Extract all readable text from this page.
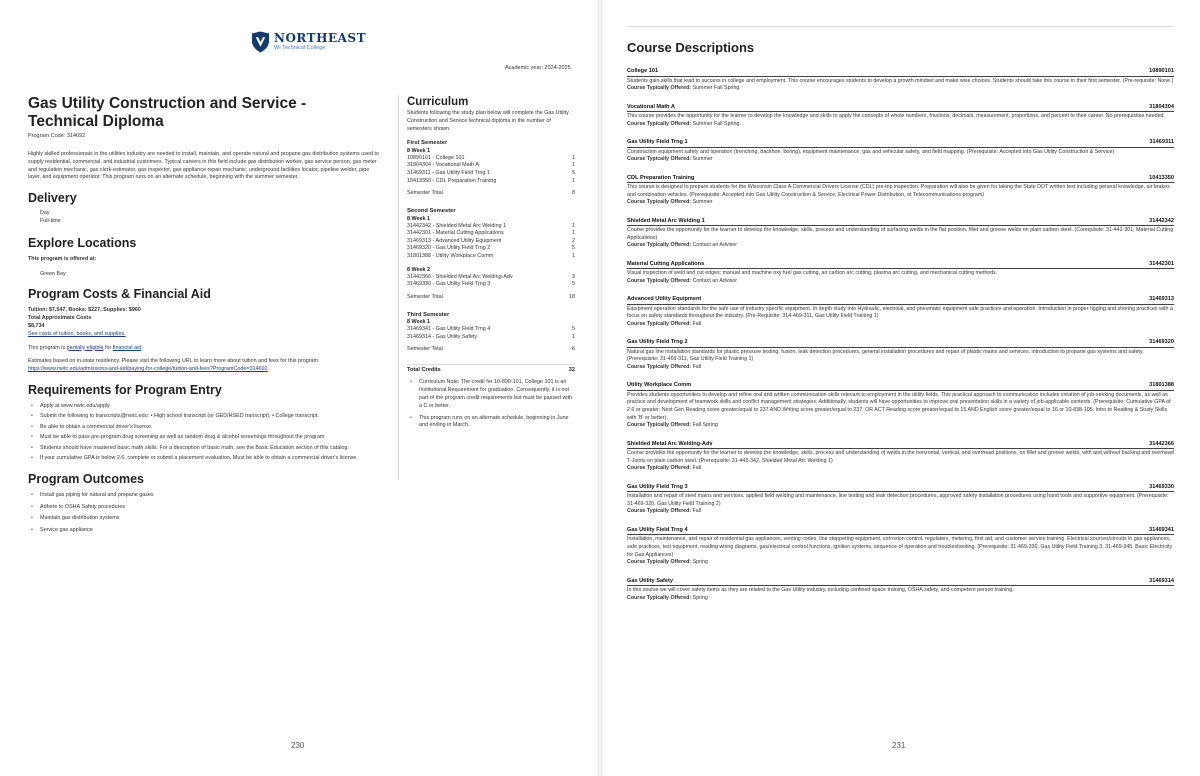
NORTHEAST
WI Technical College
Academic year: 2024-2025
Gas Utility Construction and Service - Technical Diploma
Program Code: 314692

Highly skilled professionals in the utilities industry are needed to install, maintain, and operate natural and propane gas distribution systems used to supply residential, commercial, and industrial customers. Typical careers in this field include gas distribution worker, gas service person, gas meter and regulation mechanic, gas clerk-estimator, gas inspector, gas appliance repair mechanic, underground facilities locator, pipeline welder, pipe layer, and equipment operator. This program runs on an alternate schedule, beginning with the summer semester.

Delivery
Day
Full-time
Explore Locations
This program is offered at:
Green Bay
Program Costs & Financial Aid
Tuition: $7,547, Books: $227, Supplies: $960
Total Approximate Costs
$8,734
See costs of tuition, books, and supplies.
This program is partially eligible for financial aid.
Estimates based on in-state residency. Please visit the following URL to learn more about tuition and fees for this program.
https://www.nwtc.edu/admissions-and-aid/paying-for-college/tuition-and-fees?ProgramCode=314692
Requirements for Program Entry
• Apply at www.nwtc.edu/apply.
• Submit the following to transcripts@nwtc.edu: • High school transcript (or GED/HSED transcript). • College transcript.
• Be able to obtain a commercial driver's license.
• Must be able to pass pre-program drug screening as well as random drug & alcohol screenings throughout the program.
• Students should have mastered basic math skills. For a description of basic math, see the Basic Education section of this catalog.
• If your cumulative GPA is below 2.6, complete or submit a placement evaluation. Must be able to obtain a commercial driver's license.
Program Outcomes
• Install gas piping for natural and propane gases
• Adhere to OSHA Safety procedures
• Maintain gas distribution systems
• Service gas appliance
Curriculum

Students following the study plan below will complete the Gas Utility Construction and Service technical diploma in the number of semesters shown.

First Semester
8 Week 1
10890101 - College 101	1
31804304 - Vocational Math A	1
31469311 - Gas Utility Field Trng 1	5
10413350 - CDL Preparation Training	1
Semester Total	8
Second Semester
8 Week 1
31442342 - Shielded Metal Arc Welding 1	1
31442301 - Material Cutting Applications	1
31469313 - Advanced Utility Equipment	2
31469320 - Gas Utility Field Trng 2	5
31801388 - Utility Workplace Comm	1
8 Week 2
31442366 - Shielded Metal Arc Welding-Adv	3
31469330 - Gas Utility Field Trng 3	5
Semester Total	18
Third Semester
8 Week 1
31469341 - Gas Utility Field Trng 4	5
31469314 - Gas Utility Safety	1
Semester Total	6
Total Credits	32
• Curriculum Note: The credit for 10-890-101, College 101 is an Institutional Requirement for graduation. Consequently, it is not part of the program credit requirements but must be passed with a C or better.
• This program runs on an alternate schedule, beginning in June and ending in March.
230
Course Descriptions
College 101	10890101
Students gain skills that lead to success in college and employment. This course encourages students to develop a growth mindset and make wise choices. Students should take this course in their first semester. (Pre-requisite: None.)
Course Typically Offered: Summer Fall Spring
Vocational Math A	31804304
This course provides the opportunity for the learner to develop the knowledge and skills to apply the concepts of whole numbers, fractions, decimals, measurement, proportions, and percent to their career. No prerequisites needed.
Course Typically Offered: Summer Fall Spring
Gas Utility Field Trng 1	31469311
Construction equipment safety and operation (trenching, backhoe, boring), equipment maintenance, gas and vehicular safety, and field mapping. (Prerequisite: Accepted into Gas Utility Construction & Service)
Course Typically Offered: Summer
CDL Preparation Training	10413350
This course is designed to prepare students for the Wisconsin Class A Commercial Drivers License (CDL) pre-trip inspection. Preparation will also be given for taking the State DOT written test including general knowledge, air brakes and combination vehicles. (Prerequisite: Accepted into Gas Utility Construction & Service, Electrical Power Distribution, or Telecommunications program)
Course Typically Offered: Summer
Shielded Metal Arc Welding 1	31442342
Course provides the opportunity for the learner to develop the knowledge, skills, process and understanding of surfacing welds in the flat position, fillet and groove welds on plain carbon steel. (Corequisite: 31-442-301, Material Cutting Applications)
Course Typically Offered: Contact an Advisor
Material Cutting Applications	31442301
Visual inspection of weld and cut edges; manual and machine oxy fuel gas cutting, air carbon arc cutting, plasma arc cutting, and mechanical cutting methods.
Course Typically Offered: Contact an Advisor
Advanced Utility Equipment	31469313
Equipment operation standards for the safe use of industry specific equipment. In depth study into Hydraulic, electrical, and pneumatic equipment safe practices and operation. Introduction in proper rigging and shoring practices with a focus on safety standards throughout the industry. (Pre-Requisite: 314-469-311, Gas Utility Field Training 1)
Course Typically Offered: Fall
Gas Utility Field Trng 2	31469320
Natural gas line installation standards for plastic pressure testing, fusion, leak detection procedures, general installation procedures and repair of plastic mains and services, introduction to propane gas systems and safety. (Prerequisite: 31-469-311, Gas Utility Field Training 1)
Course Typically Offered: Fall
Utility Workplace Comm	31801388
Provides students opportunities to develop and refine oral and written communication skills relevant to employment in the utility fields. This practical approach to communication includes creation of job-seeking documents, as well as practice and development of teamwork skills and conflict management strategies. Additionally, students will have opportunities to improve oral presentation skills in a variety of job-applicable contexts. (Prerequisite: Cumulative GPA of 2.6 or greater; Next Gen Reading score greater/equal to 237 AND Writing score greater/equal to 237; OR ACT Reading score greater/equal to 15 AND English score greater/equal to 16 or 10-838-105, Intro to Reading & Study Skills with 'B' or better).
Course Typically Offered: Fall Spring
Shielded Metal Arc Welding-Adv	31442366
Course provides the opportunity for the learner to develop the knowledge, skills, process and understanding of welds in the horizontal, vertical, and overhead positions, on fillet and groove welds, with and without backing and overhead T-Joints on plain carbon steel. (Prerequisite: 31-442-342, Shielded Metal Arc Welding 1)
Course Typically Offered: Fall
Gas Utility Field Trng 3	31469330
Installation and repair of steel mains and services, applied field welding and maintenance, line testing and leak detection procedures, approved safety installation procedures using hand tools and supportive equipment. (Prerequisite: 31-469-320, Gas Utility Field Training 2)
Course Typically Offered: Fall
Gas Utility Field Trng 4	31469341
Installation, maintenance, and repair of residential gas appliances, venting codes, line stoppering equipment, corrosion control, regulators, metering, first aid, and customer service training. Electrical sources/circuits in gas appliances, safe practices, test equipment, reading wiring diagrams, gas/electrical control functions, ignition systems, sequence of operation and troubleshooting. (Prerequisite: 31-469-330, Gas Utility Field Training 3; 31-469-345, Basic Electricity for Gas Appliances)
Course Typically Offered: Spring
Gas Utility Safety	31469314
In this course we will cover safety items as they are related to the Gas Utility industry, including confined space training, OSHA safety, and competent person training.
Course Typically Offered: Spring
231
